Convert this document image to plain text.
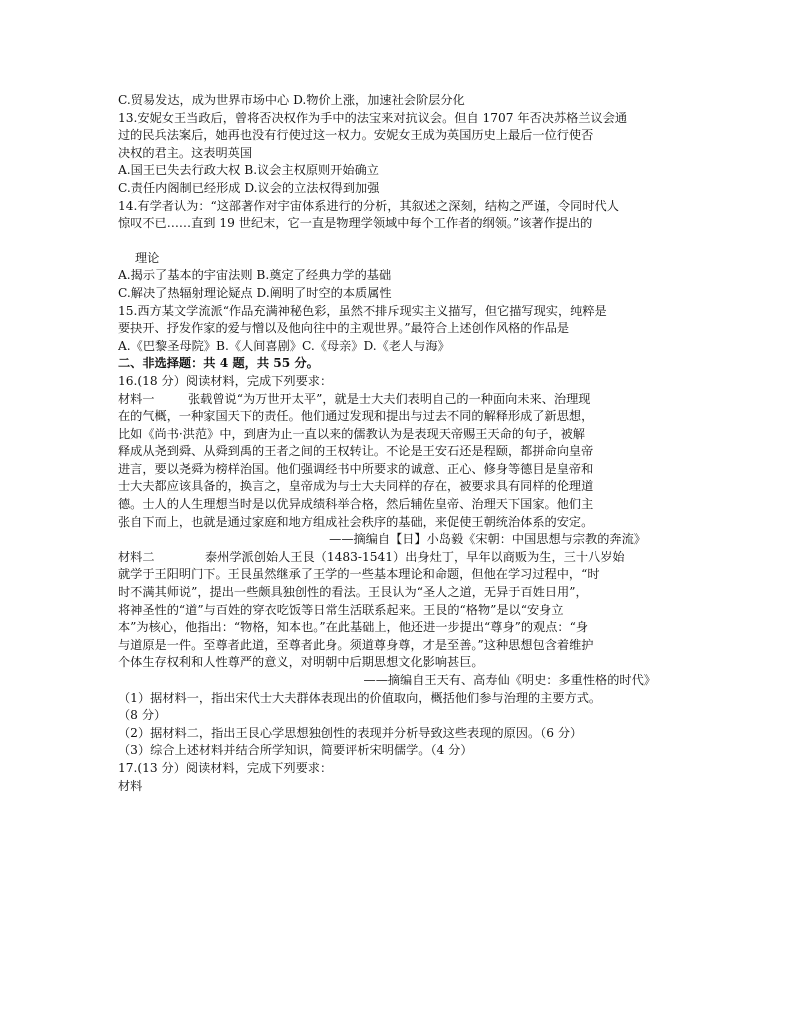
C.贸易发达，成为世界市场中心 D.物价上涨，加速社会阶层分化
13.安妮女王当政后，曾将否决权作为手中的法宝来对抗议会。但自 1707 年否决苏格兰议会通
过的民兵法案后，她再也没有行使过这一权力。安妮女王成为英国历史上最后一位行使否
决权的君主。这表明英国
A.国王已失去行政大权 B.议会主权原则开始确立
C.责任内阁制已经形成 D.议会的立法权得到加强
14.有学者认为：“这部著作对宇宙体系进行的分析，其叙述之深刻，结构之严谨，令同时代人
惊叹不已……直到 19 世纪末，它一直是物理学领域中每个工作者的纲领。”该著作提出的
理论
A.揭示了基本的宇宙法则 B.奠定了经典力学的基础
C.解决了热辐射理论疑点 D.阐明了时空的本质属性
15.西方某文学流派“作品充满神秘色彩，虽然不排斥现实主义描写，但它描写现实，纯粹是
要抉开、抒发作家的爱与憎以及他向往中的主观世界。”最符合上述创作风格的作品是
A.《巴黎圣母院》B.《人间喜剧》C.《母亲》D.《老人与海》
二、非选择题：共 4 题，共 55 分。
16.(18 分）阅读材料，完成下列要求：
材料一	张载曾说“为万世开太平”，就是士大夫们表明自己的一种面向未来、治理现
在的气概，一种家国天下的责任。他们通过发现和提出与过去不同的解释形成了新思想，
比如《尚书·洪范》中，到唐为止一直以来的儒教认为是表现天帝赐王天命的句子，被解
释成从尧到舜、从舜到禹的王者之间的王权转让。不论是王安石还是程颐，都拼命向皇帝
进言，要以尧舜为榜样治国。他们强调经书中所要求的诚意、正心、修身等德目是皇帝和
士大夫都应该具备的，换言之，皇帝成为与士大夫同样的存在，被要求具有同样的伦理道
德。士人的人生理想当时是以优异成绩科举合格，然后辅佐皇帝、治理天下国家。他们主
张自下而上，也就是通过家庭和地方组成社会秩序的基础，来促使王朝统治体系的安定。
——摘编自【日】小岛毅《宋朝：中国思想与宗教的奔流》
材料二	泰州学派创始人王艮（1483-1541）出身灶丁，早年以商贩为生，三十八岁始
就学于王阳明门下。王艮虽然继承了王学的一些基本理论和命题，但他在学习过程中，“时
时不满其师说”，提出一些颇具独创性的看法。王艮认为“圣人之道，无异于百姓日用”，
将神圣性的“道”与百姓的穿衣吃饭等日常生活联系起来。王艮的“格物”是以“安身立
本”为核心，他指出：“物格，知本也。”在此基础上，他还进一步提出“尊身”的观点：“身
与道原是一件。至尊者此道，至尊者此身。须道尊身尊，才是至善。”这种思想包含着维护
个体生存权利和人性尊严的意义，对明朝中后期思想文化影响甚巨。
——摘编自王天有、高寿仙《明史：多重性格的时代》
（1）据材料一，指出宋代士大夫群体表现出的价值取向，概括他们参与治理的主要方式。
（8 分）
（2）据材料二，指出王艮心学思想独创性的表现并分析导致这些表现的原因。（6 分）
（3）综合上述材料并结合所学知识，简要评析宋明儒学。（4 分）
17.(13 分）阅读材料，完成下列要求：
材料
